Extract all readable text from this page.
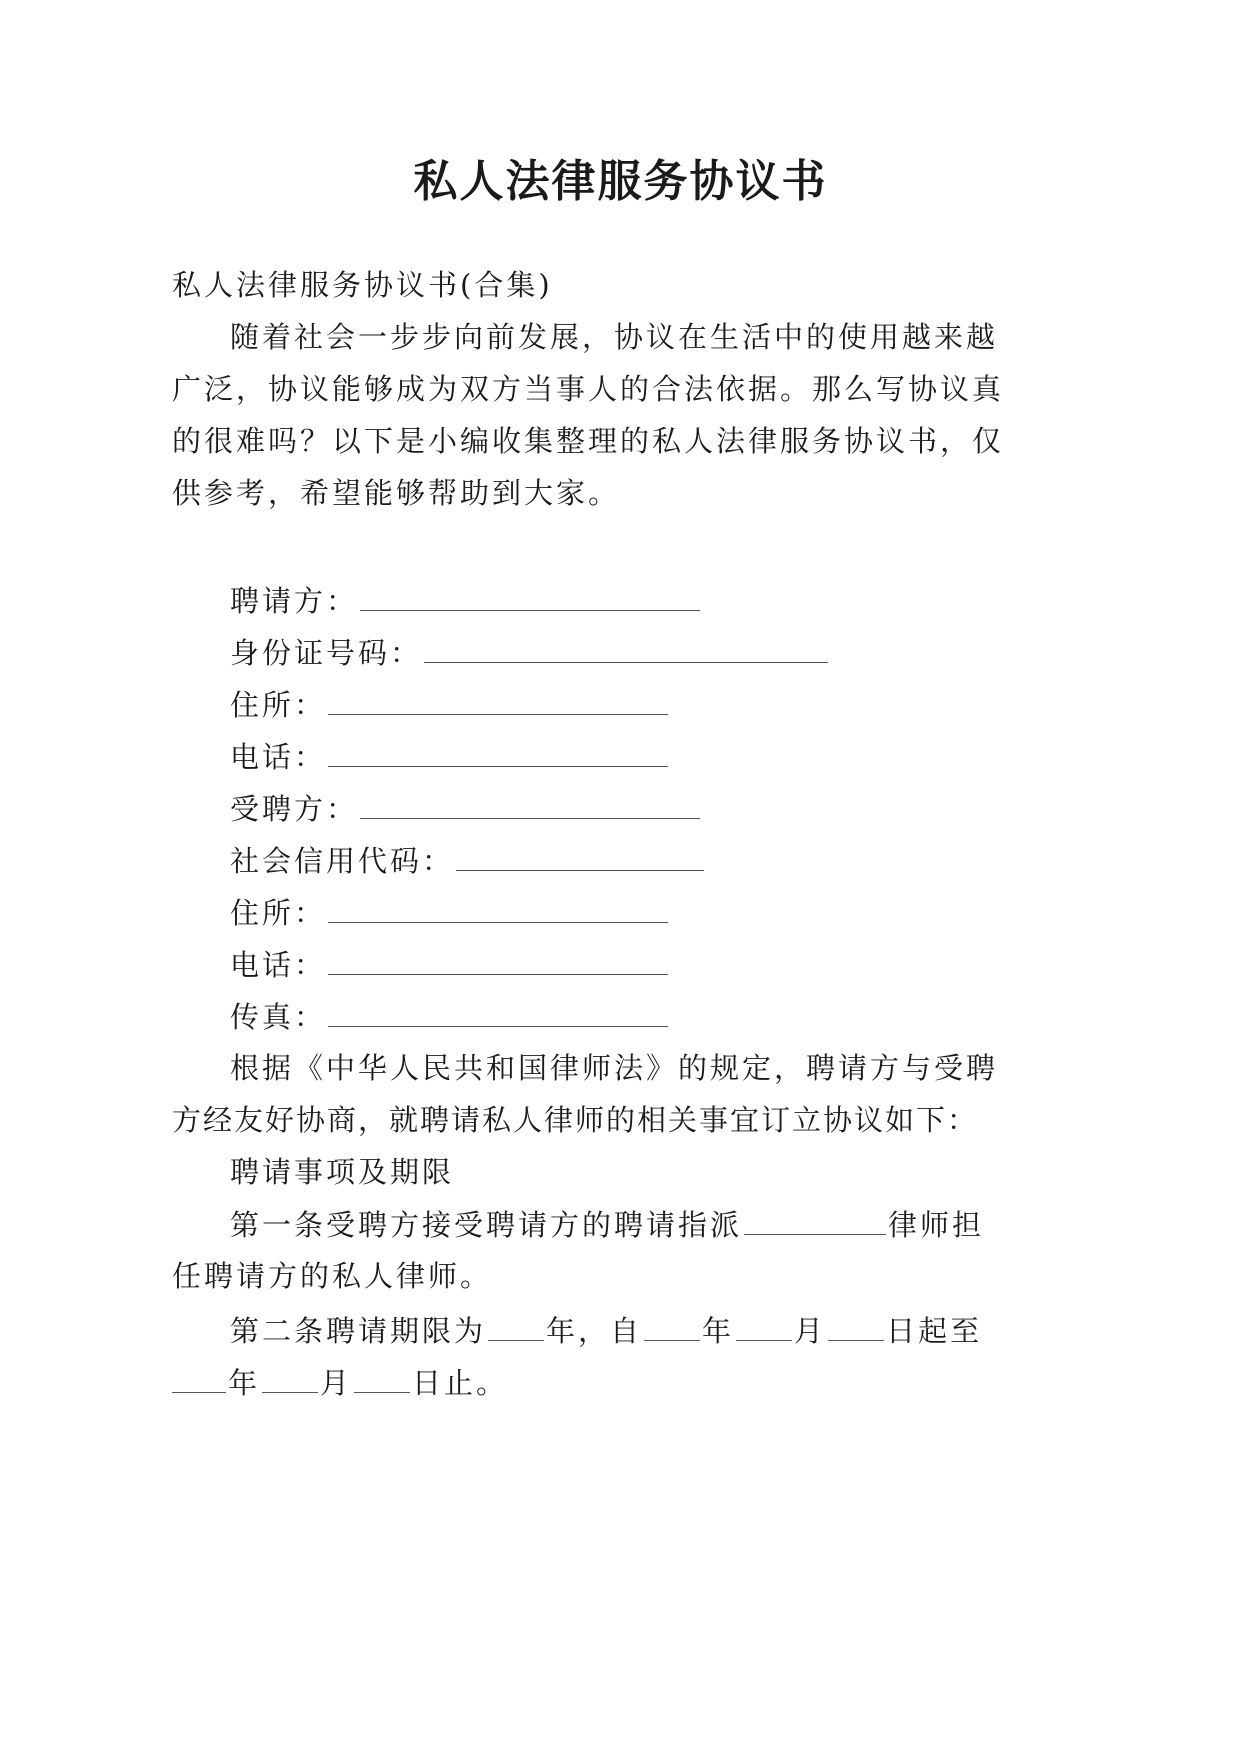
私人法律服务协议书
私人法律服务协议书(合集)
随着社会一步步向前发展，协议在生活中的使用越来越
广泛，协议能够成为双方当事人的合法依据。那么写协议真
的很难吗？以下是小编收集整理的私人法律服务协议书，仅
供参考，希望能够帮助到大家。
聘请方：
身份证号码：
住所：
电话：
受聘方：
社会信用代码：
住所：
电话：
传真：
根据《中华人民共和国律师法》的规定，聘请方与受聘
方经友好协商，就聘请私人律师的相关事宜订立协议如下：
聘请事项及期限
第一条受聘方接受聘请方的聘请指派	律师担
任聘请方的私人律师。
第二条聘请期限为 年，自 年 月 日起至
年 月 日止。
